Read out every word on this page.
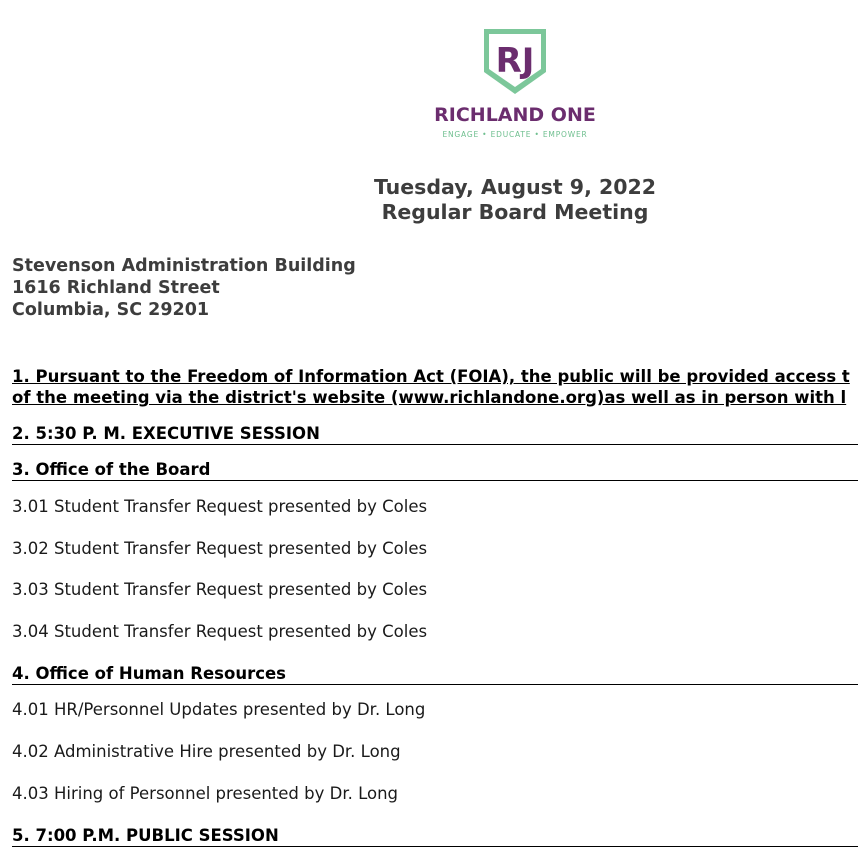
RJ
RICHLAND ONE
ENGAGE • EDUCATE • EMPOWER
Tuesday, August 9, 2022
Regular Board Meeting
Stevenson Administration Building
1616 Richland Street
Columbia, SC 29201
1. Pursuant to the Freedom of Information Act (FOIA), the public will be provided access t
of the meeting via the district's website (www.richlandone.org)as well as in person with l
2. 5:30 P. M. EXECUTIVE SESSION
3. Office of the Board
3.01 Student Transfer Request presented by Coles
3.02 Student Transfer Request presented by Coles
3.03 Student Transfer Request presented by Coles
3.04 Student Transfer Request presented by Coles
4. Office of Human Resources
4.01 HR/Personnel Updates presented by Dr. Long
4.02 Administrative Hire presented by Dr. Long
4.03 Hiring of Personnel presented by Dr. Long
5. 7:00 P.M. PUBLIC SESSION
